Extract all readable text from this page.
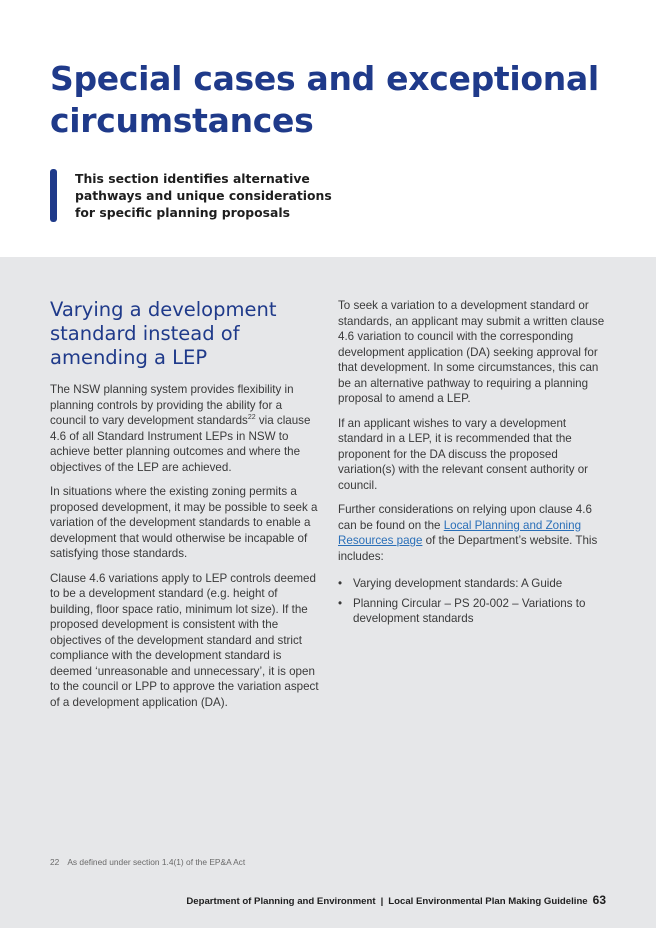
Special cases and exceptional circumstances
This section identifies alternative pathways and unique considerations for specific planning proposals
Varying a development standard instead of amending a LEP

The NSW planning system provides flexibility in planning controls by providing the ability for a council to vary development standards$^{22}$ via clause 4.6 of all Standard Instrument LEPs in NSW to achieve better planning outcomes and where the objectives of the LEP are achieved.

In situations where the existing zoning permits a proposed development, it may be possible to seek a variation of the development standards to enable a development that would otherwise be incapable of satisfying those standards.

Clause 4.6 variations apply to LEP controls deemed to be a development standard (e.g. height of building, floor space ratio, minimum lot size). If the proposed development is consistent with the objectives of the development standard and strict compliance with the development standard is deemed ‘unreasonable and unnecessary’, it is open to the council or LPP to approve the variation aspect of a development application (DA).

To seek a variation to a development standard or standards, an applicant may submit a written clause 4.6 variation to council with the corresponding development application (DA) seeking approval for that development. In some circumstances, this can be an alternative pathway to requiring a planning proposal to amend a LEP.

If an applicant wishes to vary a development standard in a LEP, it is recommended that the proponent for the DA discuss the proposed variation(s) with the relevant consent authority or council.

Further considerations on relying upon clause 4.6 can be found on the Local Planning and Zoning Resources page of the Department’s website. This includes:

• Varying development standards: A Guide
• Planning Circular – PS 20-002 – Variations to development standards
22 As defined under section 1.4(1) of the EP&A Act
Department of Planning and Environment | Local Environmental Plan Making Guideline 63
